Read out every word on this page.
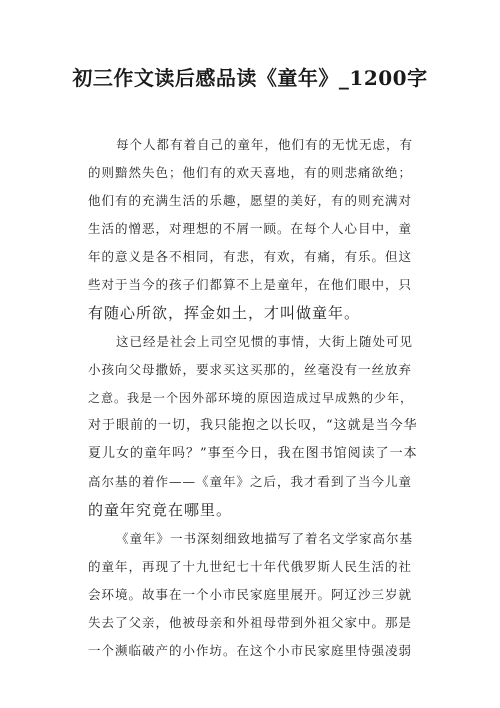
初三作文读后感品读《童年》_1200字
每个人都有着自己的童年，他们有的无忧无虑，有
的则黯然失色；他们有的欢天喜地，有的则悲痛欲绝；
他们有的充满生活的乐趣，愿望的美好，有的则充满对
生活的憎恶，对理想的不屑一顾。在每个人心目中，童
年的意义是各不相同，有悲，有欢，有痛，有乐。但这
些对于当今的孩子们都算不上是童年，在他们眼中，只
有随心所欲，挥金如土，才叫做童年。
这已经是社会上司空见惯的事情，大街上随处可见
小孩向父母撒娇，要求买这买那的，丝毫没有一丝放弃
之意。我是一个因外部环境的原因造成过早成熟的少年，
对于眼前的一切，我只能抱之以长叹，“这就是当今华
夏儿女的童年吗？”事至今日，我在图书馆阅读了一本
高尔基的着作——《童年》之后，我才看到了当今儿童
的童年究竟在哪里。
《童年》一书深刻细致地描写了着名文学家高尔基
的童年，再现了十九世纪七十年代俄罗斯人民生活的社
会环境。故事在一个小市民家庭里展开。阿辽沙三岁就
失去了父亲，他被母亲和外祖母带到外祖父家中。那是
一个濒临破产的小作坊。在这个小市民家庭里恃强凌弱
